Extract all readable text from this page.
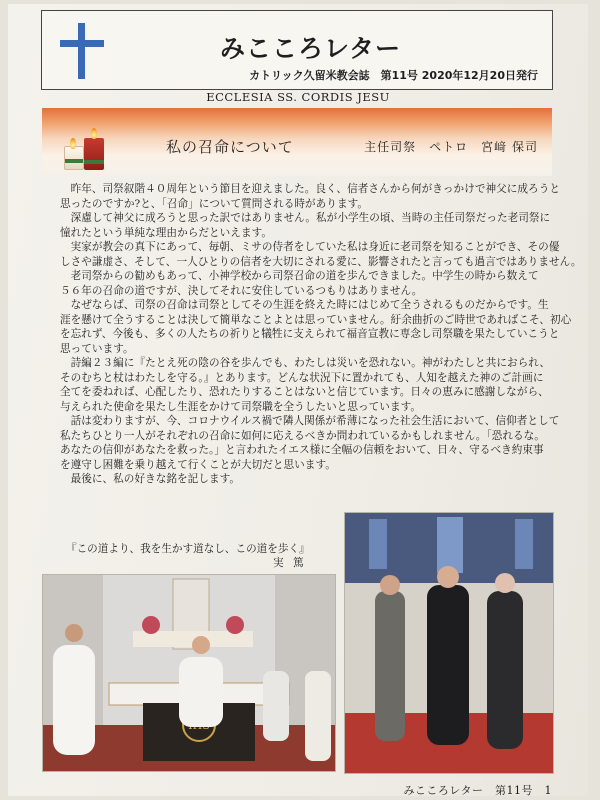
みこころレター
カトリック久留米教会誌　第11号 2020年12月20日発行
ECCLESIA SS. CORDIS JESU
私の召命について	主任司祭　ペトロ　宮﨑 保司

昨年、司祭叙階４０周年という節目を迎えました。良く、信者さんから何がきっかけで神父に成ろうと
思ったのですか?と、「召命」について質問される時があります。

深慮して神父に成ろうと思った訳ではありません。私が小学生の頃、当時の主任司祭だった老司祭に
憧れたという単純な理由からだといえます。

実家が教会の真下にあって、毎朝、ミサの侍者をしていた私は身近に老司祭を知ることができ、その優
しさや謙虚さ、そして、一人ひとりの信者を大切にされる愛に、影響されたと言っても過言ではありません。

老司祭からの勧めもあって、小神学校から司祭召命の道を歩んできました。中学生の時から数えて
５６年の召命の道ですが、決してそれに安住しているつもりはありません。

なぜならば、司祭の召命は司祭としてその生涯を終えた時にはじめて全うされるものだからです。生
涯を懸けて全うすることは決して簡単なことよとは思っていません。紆余曲折のご時世であればこそ、初心
を忘れず、今後も、多くの人たちの祈りと犠牲に支えられて福音宣教に専念し司祭職を果たしていこうと
思っています。

詩編２３編に『たとえ死の陰の谷を歩んでも、わたしは災いを恐れない。神がわたしと共におられ、
そのむちと杖はわたしを守る。』とあります。どんな状況下に置かれても、人知を越えた神のご計画に
全てを委ねれば、心配したり、恐れたりすることはないと信じています。日々の恵みに感謝しながら、
与えられた使命を果たし生涯をかけて司祭職を全うしたいと思っています。

話は変わりますが、今、コロナウイルス禍で隣人関係が希薄になった社会生活において、信仰者として
私たちひとり一人がそれぞれの召命に如何に応えるべきか問われているかもしれません。「恐れるな。
あなたの信仰があなたを救った。」と言われたイエス様に全幅の信頼をおいて、日々、守るべき約束事
を遵守し困難を乗り越えて行くことが大切だと思います。

最後に、私の好きな銘を記します。

『この道より、我を生かす道なし、この道を歩く』
実 篤
みこころレター　第11号　1
